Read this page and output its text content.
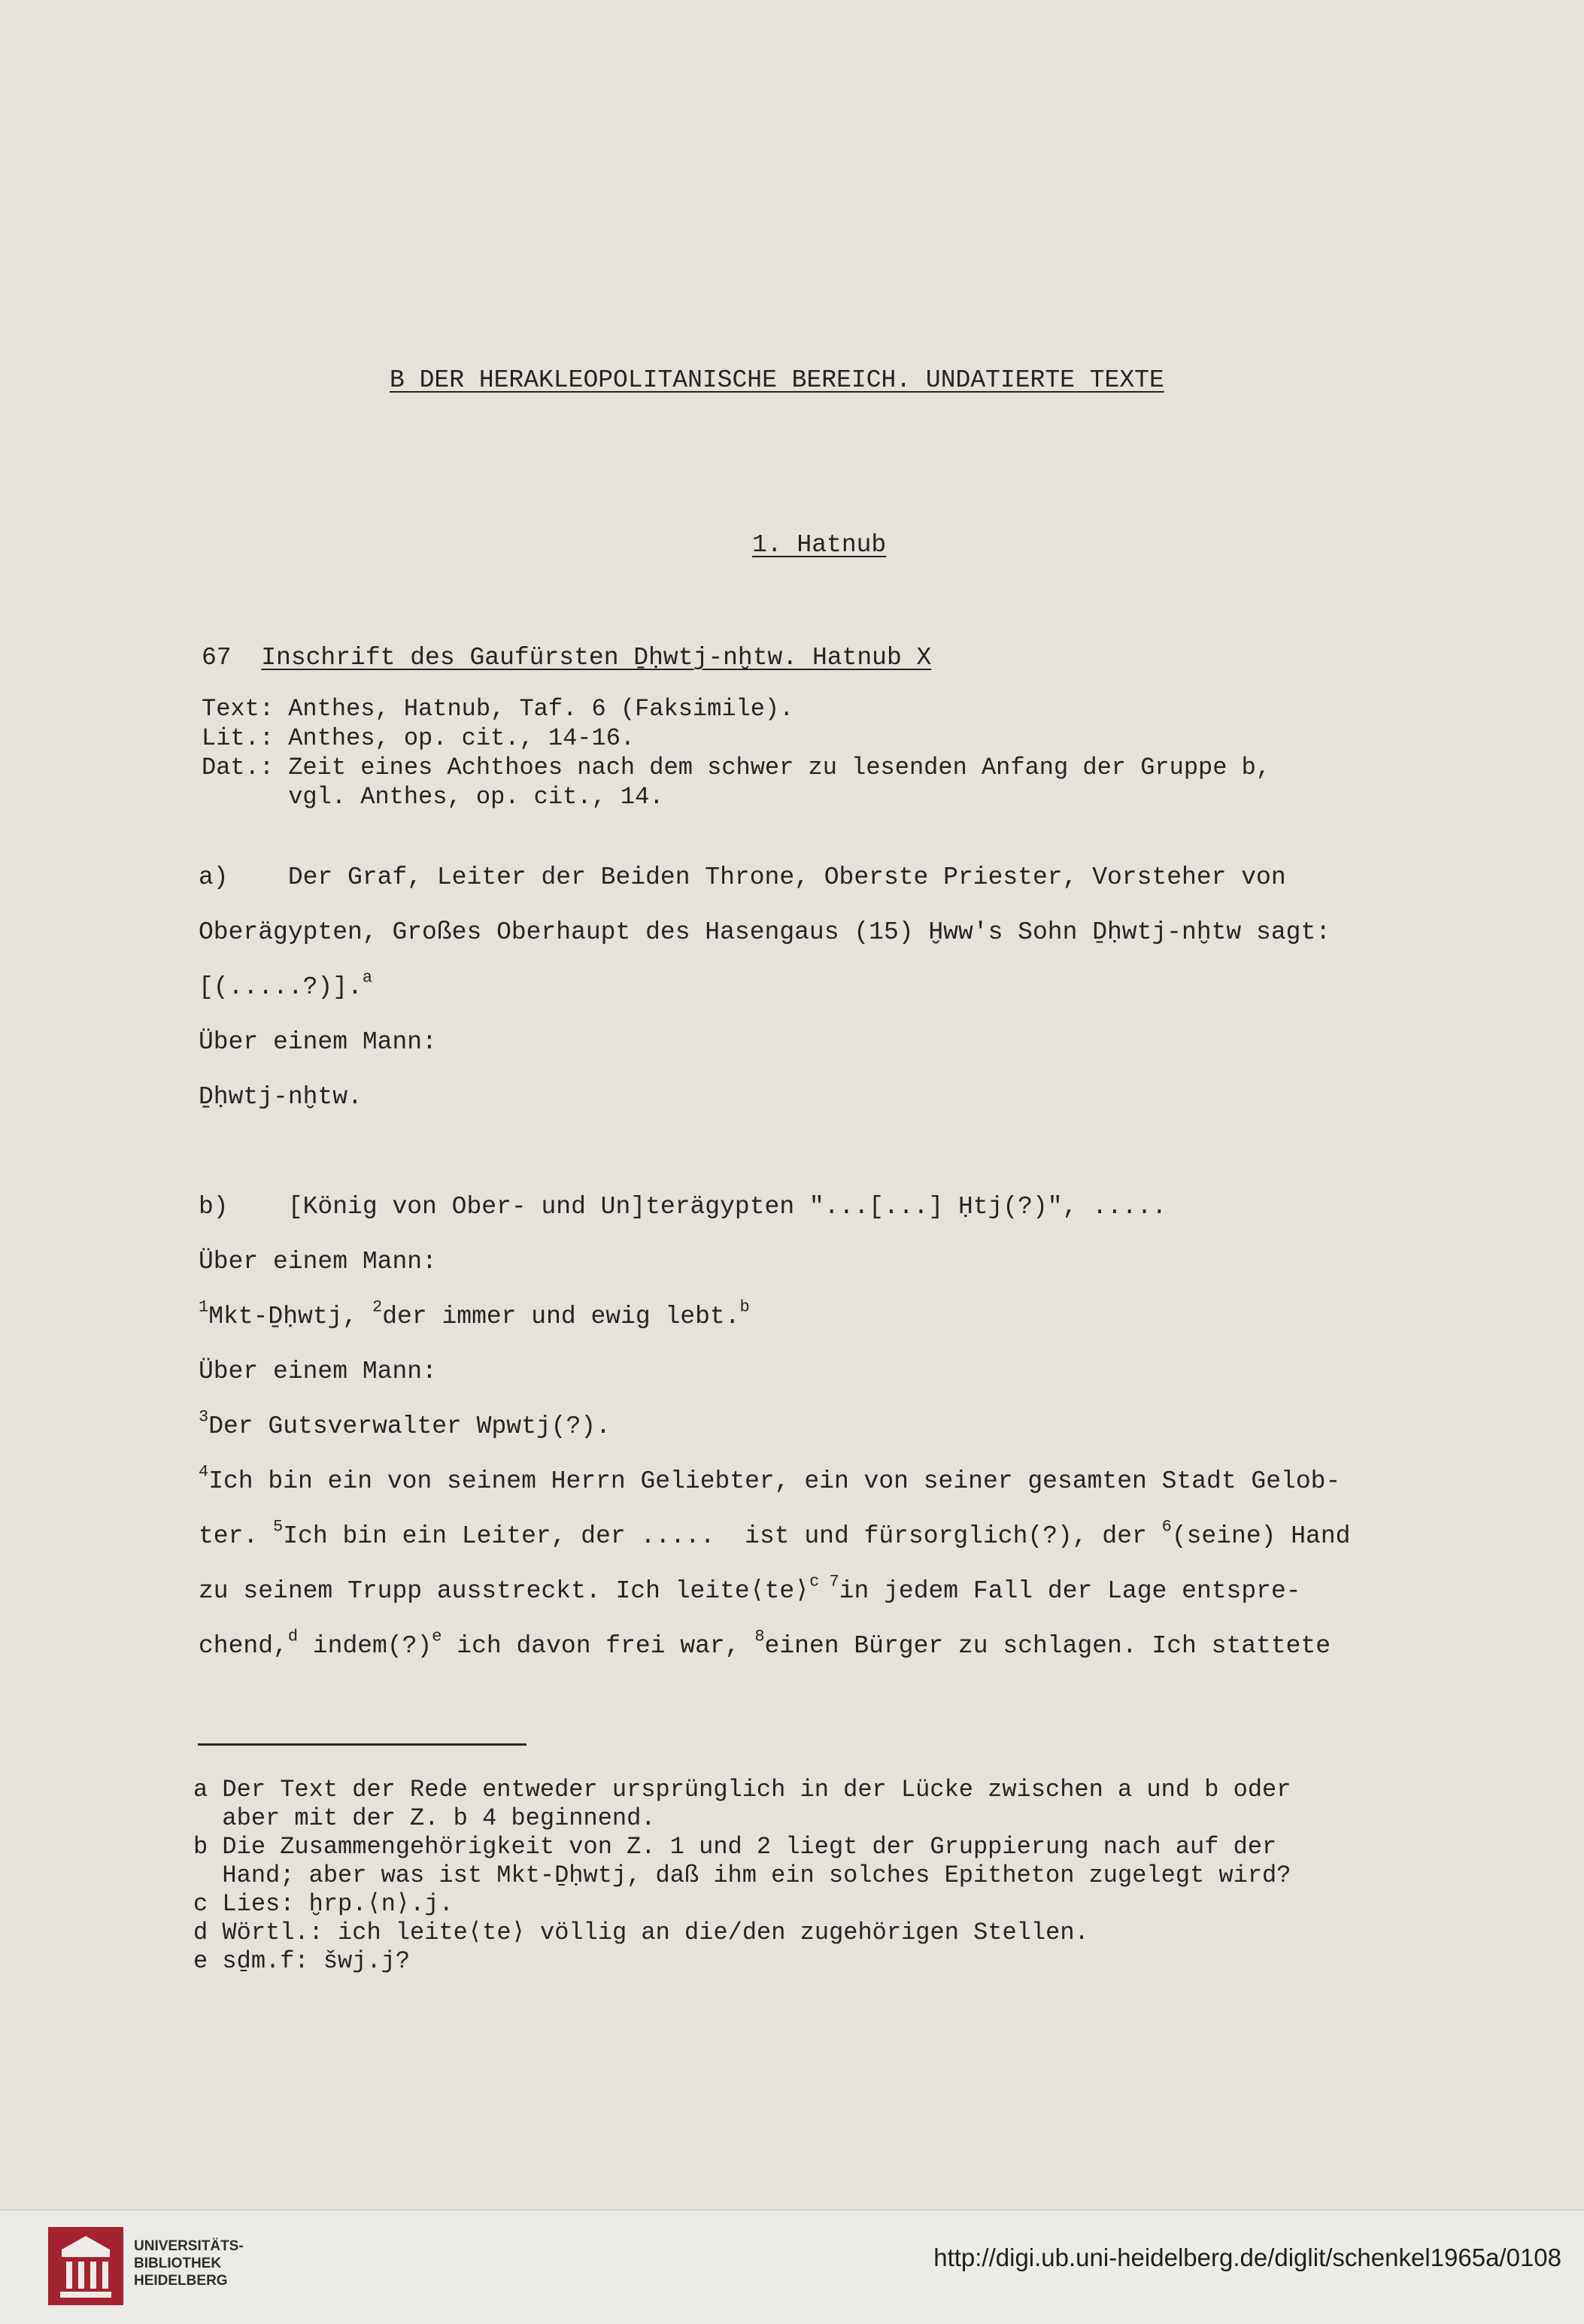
B DER HERAKLEOPOLITANISCHE BEREICH. UNDATIERTE TEXTE
1. Hatnub
67 Inschrift des Gaufürsten Ḏḥwtj-nḫtw. Hatnub X
Text: Anthes, Hatnub, Taf. 6 (Faksimile).
Lit.: Anthes, op. cit., 14-16.
Dat.: Zeit eines Achthoes nach dem schwer zu lesenden Anfang der Gruppe b,
vgl. Anthes, op. cit., 14.
a)    Der Graf, Leiter der Beiden Throne, Oberste Priester, Vorsteher von
Oberägypten, Großes Oberhaupt des Hasengaus (15) Ḫww's Sohn Ḏḥwtj-nḫtw sagt:
[(.....?)].$^a$
Über einem Mann:
Ḏḥwtj-nḫtw.
b)    [König von Ober- und Un]terägypten "...[...] Ḥtj(?)", .....
Über einem Mann:
$^1$Mkt-Ḏḥwtj, $^2$der immer und ewig lebt.$^b$
Über einem Mann:
$^3$Der Gutsverwalter Wpwtj(?).
$^4$Ich bin ein von seinem Herrn Geliebter, ein von seiner gesamten Stadt Gelob-
ter. $^5$Ich bin ein Leiter, der .....  ist und fürsorglich(?), der $^6$(seine) Hand
zu seinem Trupp ausstreckt. Ich leite⟨te⟩$^{c 7}$in jedem Fall der Lage entspre-
chend,$^d$ indem(?)$^e$ ich davon frei war, $^8$einen Bürger zu schlagen. Ich stattete
a Der Text der Rede entweder ursprünglich in der Lücke zwischen a und b oder
aber mit der Z. b 4 beginnend.
b Die Zusammengehörigkeit von Z. 1 und 2 liegt der Gruppierung nach auf der
Hand; aber was ist Mkt-Ḏḥwtj, daß ihm ein solches Epitheton zugelegt wird?
c Lies: ḫrp.⟨n⟩.j.
d Wörtl.: ich leite⟨te⟩ völlig an die/den zugehörigen Stellen.
e sḏm.f: šwj.j?
UNIVERSITÄTS-
BIBLIOTHEK
HEIDELBERG
http://digi.ub.uni-heidelberg.de/diglit/schenkel1965a/0108
